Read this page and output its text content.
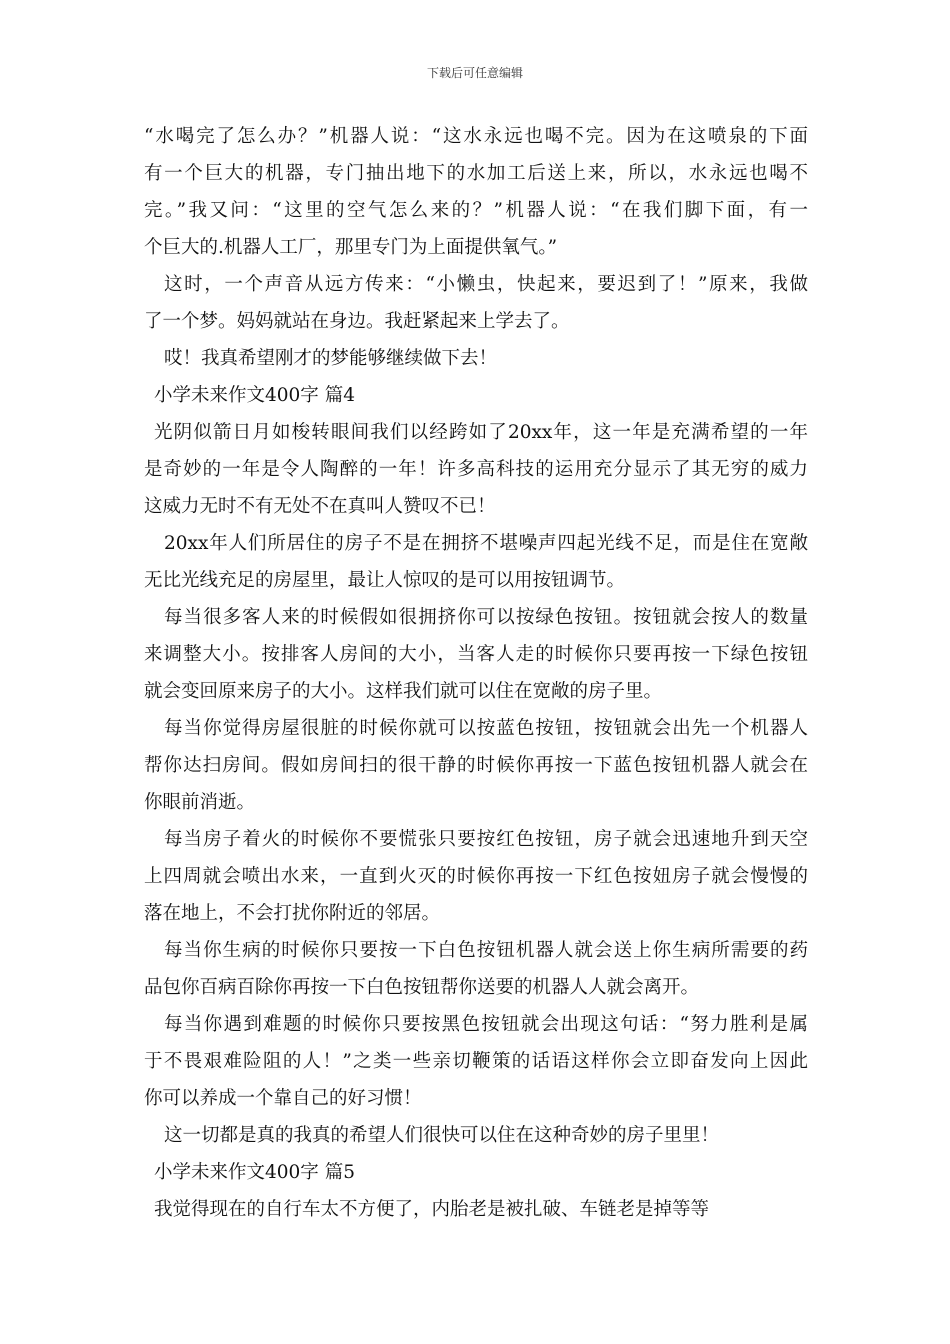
下载后可任意编辑
“水喝完了怎么办？”机器人说：“这水永远也喝不完。因为在这喷泉的下面
有一个巨大的机器，专门抽出地下的水加工后送上来，所以，水永远也喝不
完。”我又问：“这里的空气怎么来的？”机器人说：“在我们脚下面，有一
个巨大的.机器人工厂，那里专门为上面提供氧气。”
这时，一个声音从远方传来：“小懒虫，快起来，要迟到了！”原来，我做
了一个梦。妈妈就站在身边。我赶紧起来上学去了。
哎！我真希望刚才的梦能够继续做下去！
小学未来作文400字 篇4
光阴似箭日月如梭转眼间我们以经跨如了20xx年，这一年是充满希望的一年
是奇妙的一年是令人陶醉的一年！许多高科技的运用充分显示了其无穷的威力
这威力无时不有无处不在真叫人赞叹不已！
20xx年人们所居住的房子不是在拥挤不堪噪声四起光线不足，而是住在宽敞
无比光线充足的房屋里，最让人惊叹的是可以用按钮调节。
每当很多客人来的时候假如很拥挤你可以按绿色按钮。按钮就会按人的数量
来调整大小。按排客人房间的大小，当客人走的时候你只要再按一下绿色按钮
就会变回原来房子的大小。这样我们就可以住在宽敞的房子里。
每当你觉得房屋很脏的时候你就可以按蓝色按钮，按钮就会出先一个机器人
帮你达扫房间。假如房间扫的很干静的时候你再按一下蓝色按钮机器人就会在
你眼前消逝。
每当房子着火的时候你不要慌张只要按红色按钮，房子就会迅速地升到天空
上四周就会喷出水来，一直到火灭的时候你再按一下红色按妞房子就会慢慢的
落在地上，不会打扰你附近的邻居。
每当你生病的时候你只要按一下白色按钮机器人就会送上你生病所需要的药
品包你百病百除你再按一下白色按钮帮你送要的机器人人就会离开。
每当你遇到难题的时候你只要按黑色按钮就会出现这句话：“努力胜利是属
于不畏艰难险阻的人！”之类一些亲切鞭策的话语这样你会立即奋发向上因此
你可以养成一个靠自己的好习惯！
这一切都是真的我真的希望人们很快可以住在这种奇妙的房子里里！
小学未来作文400字 篇5
我觉得现在的自行车太不方便了，内胎老是被扎破、车链老是掉等等
